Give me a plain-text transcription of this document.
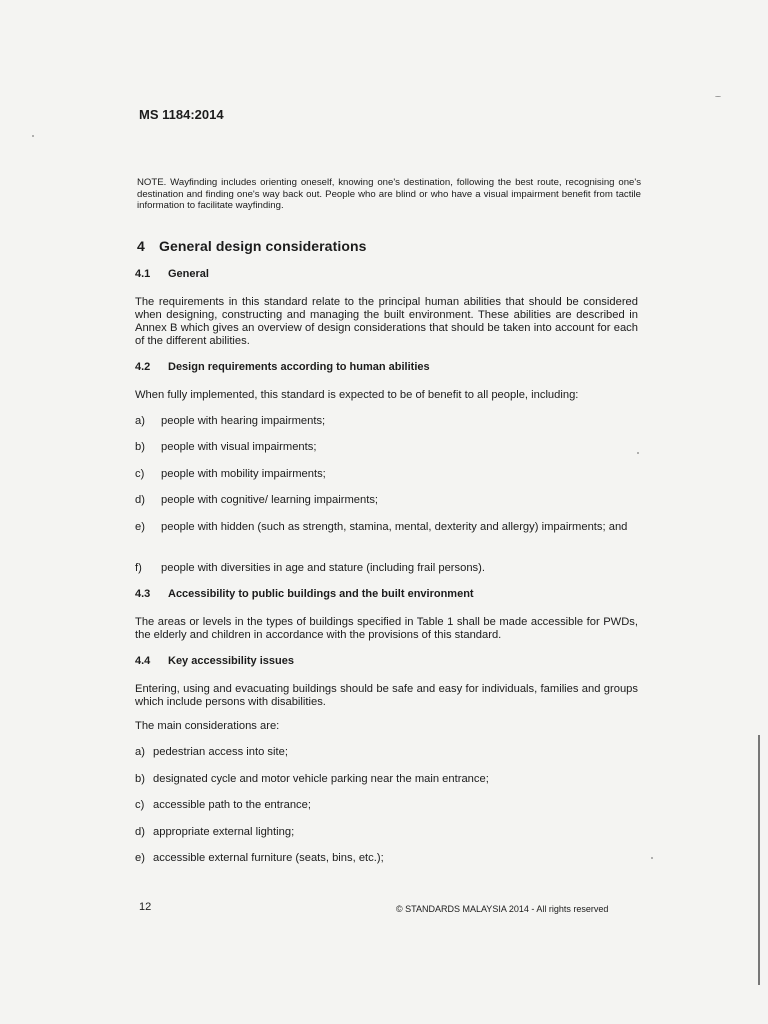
MS 1184:2014
NOTE. Wayfinding includes orienting oneself, knowing one's destination, following the best route, recognising one's destination and finding one's way back out. People who are blind or who have a visual impairment benefit from tactile information to facilitate wayfinding.
4 General design considerations
4.1 General
The requirements in this standard relate to the principal human abilities that should be considered when designing, constructing and managing the built environment. These abilities are described in Annex B which gives an overview of design considerations that should be taken into account for each of the different abilities.
4.2 Design requirements according to human abilities
When fully implemented, this standard is expected to be of benefit to all people, including:
a) people with hearing impairments;
b) people with visual impairments;
c) people with mobility impairments;
d) people with cognitive/ learning impairments;
e) people with hidden (such as strength, stamina, mental, dexterity and allergy) impairments; and
f) people with diversities in age and stature (including frail persons).
4.3 Accessibility to public buildings and the built environment
The areas or levels in the types of buildings specified in Table 1 shall be made accessible for PWDs, the elderly and children in accordance with the provisions of this standard.
4.4 Key accessibility issues
Entering, using and evacuating buildings should be safe and easy for individuals, families and groups which include persons with disabilities.
The main considerations are:
a) pedestrian access into site;
b) designated cycle and motor vehicle parking near the main entrance;
c) accessible path to the entrance;
d) appropriate external lighting;
e) accessible external furniture (seats, bins, etc.);
12	© STANDARDS MALAYSIA 2014 - All rights reserved
